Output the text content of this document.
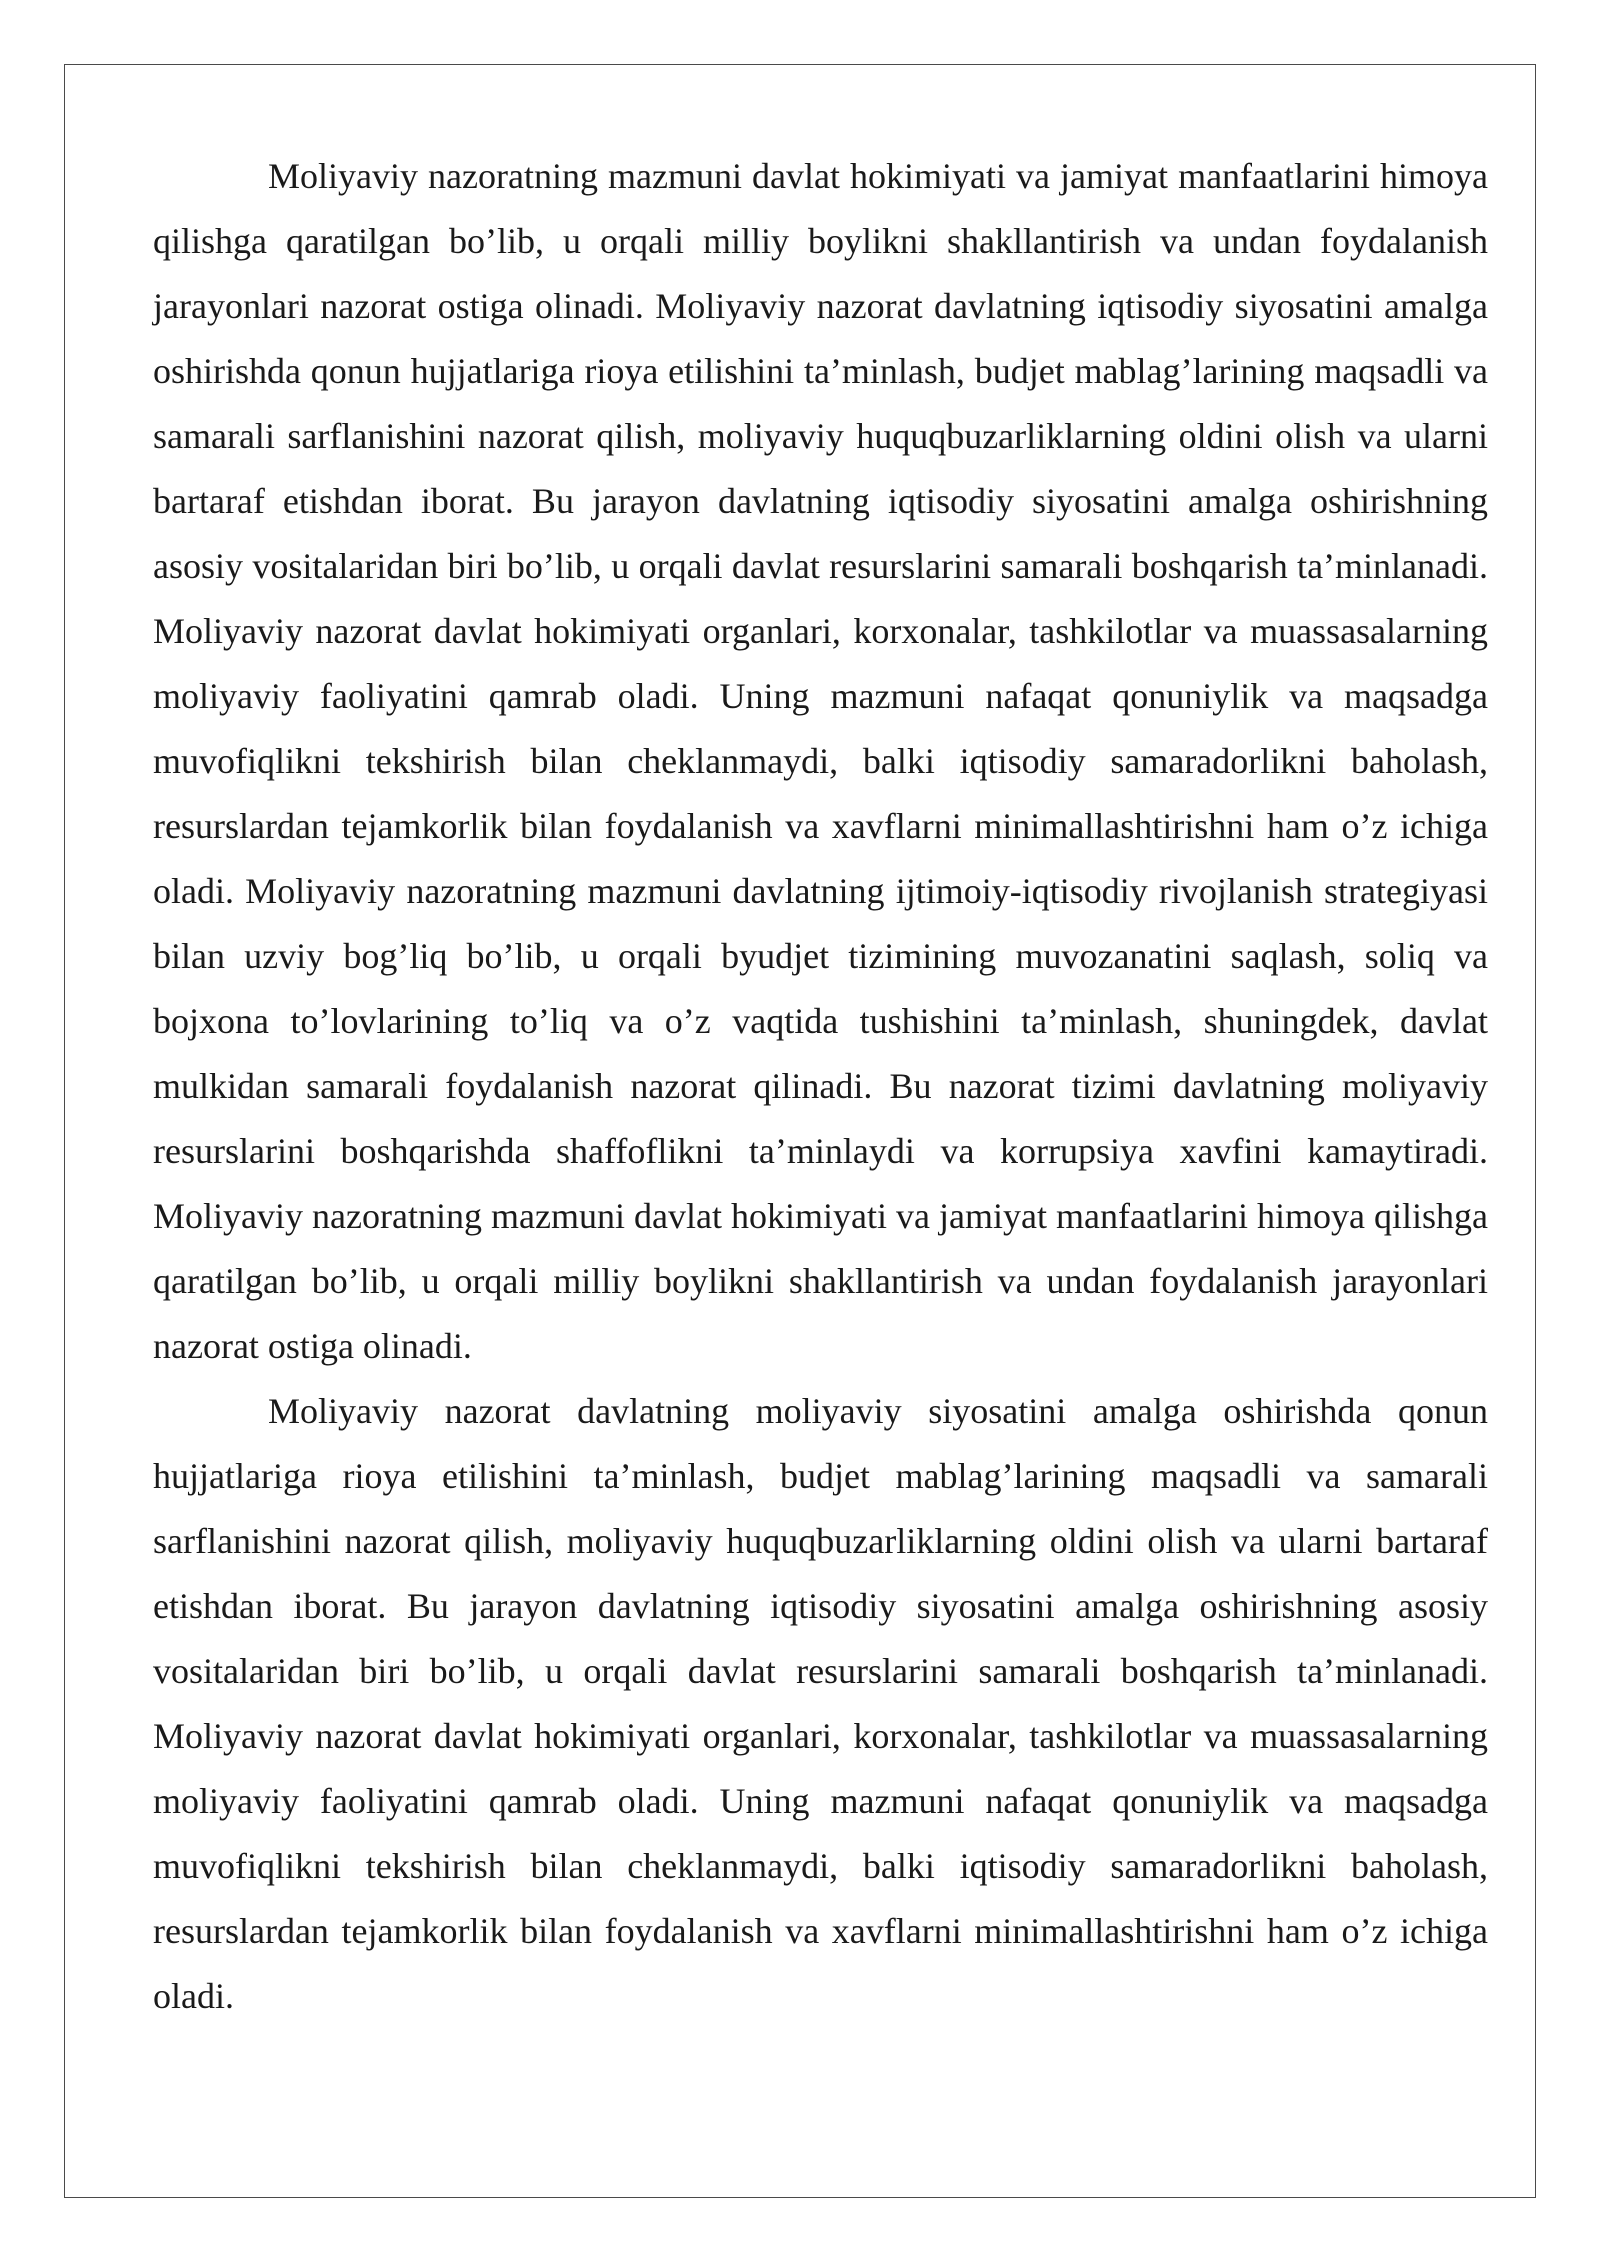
Moliyaviy nazoratning mazmuni davlat hokimiyati va jamiyat manfaatlarini himoya qilishga qaratilgan bo’lib, u orqali milliy boylikni shakllantirish va undan foydalanish jarayonlari nazorat ostiga olinadi. Moliyaviy nazorat davlatning iqtisodiy siyosatini amalga oshirishda qonun hujjatlariga rioya etilishini ta’minlash, budjet mablag’larining maqsadli va samarali sarflanishini nazorat qilish, moliyaviy huquqbuzarliklarning oldini olish va ularni bartaraf etishdan iborat. Bu jarayon davlatning iqtisodiy siyosatini amalga oshirishning asosiy vositalaridan biri bo’lib, u orqali davlat resurslarini samarali boshqarish ta’minlanadi. Moliyaviy nazorat davlat hokimiyati organlari, korxonalar, tashkilotlar va muassasalarning moliyaviy faoliyatini qamrab oladi. Uning mazmuni nafaqat qonuniylik va maqsadga muvofiqlikni tekshirish bilan cheklanmaydi, balki iqtisodiy samaradorlikni baholash, resurslardan tejamkorlik bilan foydalanish va xavflarni minimallashtirishni ham o’z ichiga oladi. Moliyaviy nazoratning mazmuni davlatning ijtimoiy-iqtisodiy rivojlanish strategiyasi bilan uzviy bog’liq bo’lib, u orqali byudjet tizimining muvozanatini saqlash, soliq va bojxona to’lovlarining to’liq va o’z vaqtida tushishini ta’minlash, shuningdek, davlat mulkidan samarali foydalanish nazorat qilinadi. Bu nazorat tizimi davlatning moliyaviy resurslarini boshqarishda shaffoflikni ta’minlaydi va korrupsiya xavfini kamaytiradi. Moliyaviy nazoratning mazmuni davlat hokimiyati va jamiyat manfaatlarini himoya qilishga qaratilgan bo’lib, u orqali milliy boylikni shakllantirish va undan foydalanish jarayonlari nazorat ostiga olinadi.

Moliyaviy nazorat davlatning moliyaviy siyosatini amalga oshirishda qonun hujjatlariga rioya etilishini ta’minlash, budjet mablag’larining maqsadli va samarali sarflanishini nazorat qilish, moliyaviy huquqbuzarliklarning oldini olish va ularni bartaraf etishdan iborat. Bu jarayon davlatning iqtisodiy siyosatini amalga oshirishning asosiy vositalaridan biri bo’lib, u orqali davlat resurslarini samarali boshqarish ta’minlanadi. Moliyaviy nazorat davlat hokimiyati organlari, korxonalar, tashkilotlar va muassasalarning moliyaviy faoliyatini qamrab oladi. Uning mazmuni nafaqat qonuniylik va maqsadga muvofiqlikni tekshirish bilan cheklanmaydi, balki iqtisodiy samaradorlikni baholash, resurslardan tejamkorlik bilan foydalanish va xavflarni minimallashtirishni ham o’z ichiga oladi.
